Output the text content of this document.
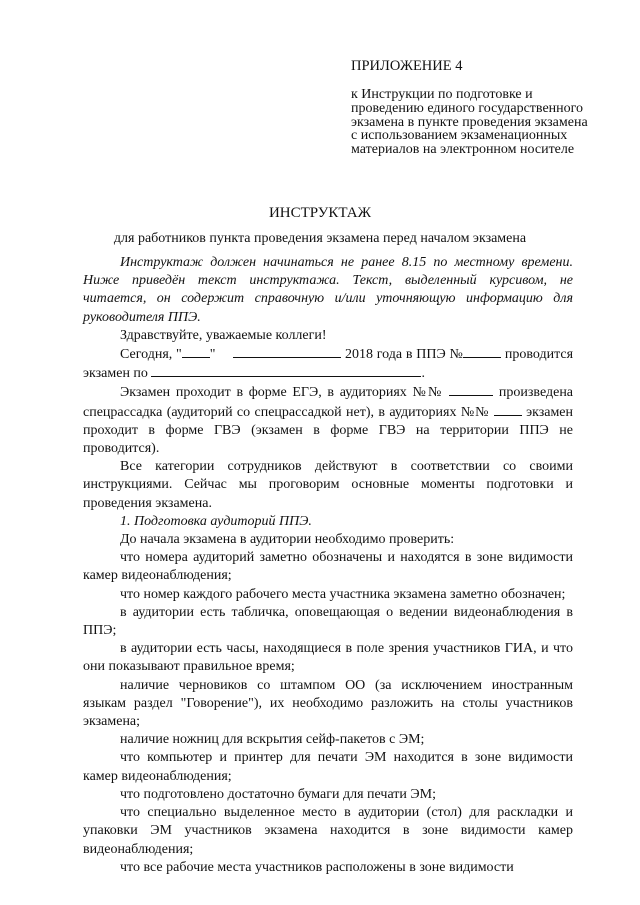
ПРИЛОЖЕНИЕ 4
к Инструкции по подготовке и проведению единого государственного экзамена в пункте проведения экзамена с использованием экзаменационных материалов на электронном носителе
ИНСТРУКТАЖ
для работников пункта проведения экзамена перед началом экзамена

Инструктаж должен начинаться не ранее 8.15 по местному времени. Ниже приведён текст инструктажа. Текст, выделенный курсивом, не читается, он содержит справочную и/или уточняющую информацию для руководителя ППЭ.

Здравствуйте, уважаемые коллеги!

Сегодня, " "	2018 года в ППЭ №	проводится экзамен по	.

Экзамен проходит в форме ЕГЭ, в аудиториях №№	произведена спецрассадка (аудиторий со спецрассадкой нет), в аудиториях №№	экзамен проходит в форме ГВЭ (экзамен в форме ГВЭ на территории ППЭ не проводится).

Все категории сотрудников действуют в соответствии со своими инструкциями. Сейчас мы проговорим основные моменты подготовки и проведения экзамена.

1. Подготовка аудиторий ППЭ.

До начала экзамена в аудитории необходимо проверить:

что номера аудиторий заметно обозначены и находятся в зоне видимости камер видеонаблюдения;

что номер каждого рабочего места участника экзамена заметно обозначен;

в аудитории есть табличка, оповещающая о ведении видеонаблюдения в ППЭ;

в аудитории есть часы, находящиеся в поле зрения участников ГИА, и что они показывают правильное время;

наличие черновиков со штампом ОО (за исключением иностранным языкам раздел "Говорение"), их необходимо разложить на столы участников экзамена;

наличие ножниц для вскрытия сейф-пакетов с ЭМ;

что компьютер и принтер для печати ЭМ находится в зоне видимости камер видеонаблюдения;

что подготовлено достаточно бумаги для печати ЭМ;

что специально выделенное место в аудитории (стол) для раскладки и упаковки ЭМ участников экзамена находится в зоне видимости камер видеонаблюдения;

что все рабочие места участников расположены в зоне видимости
